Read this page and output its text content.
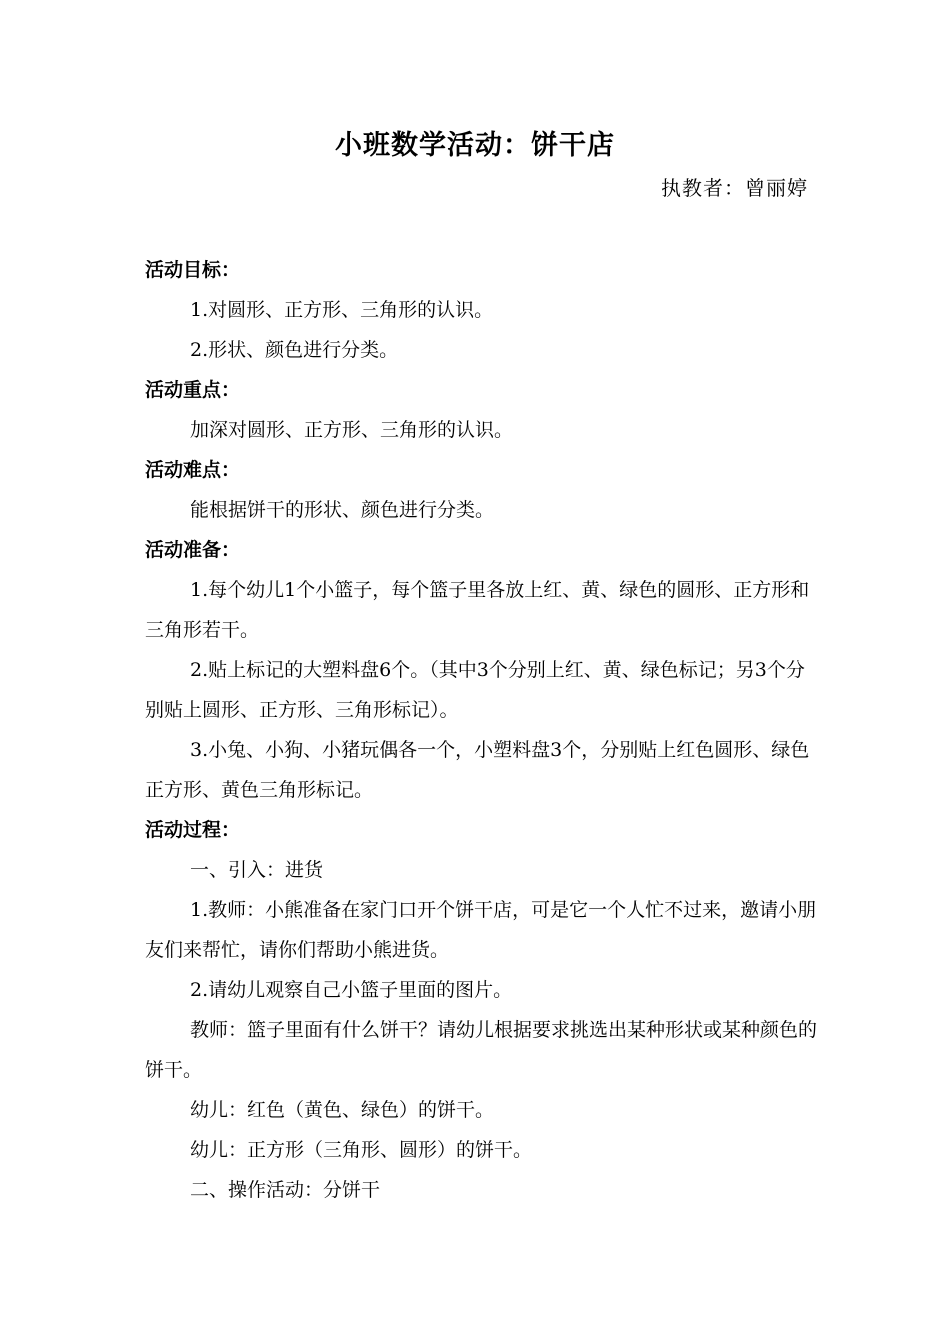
小班数学活动：饼干店
执教者：曾丽婷

活动目标：

1.对圆形、正方形、三角形的认识。

2.形状、颜色进行分类。

活动重点：

加深对圆形、正方形、三角形的认识。

活动难点：

能根据饼干的形状、颜色进行分类。

活动准备：

1.每个幼儿1个小篮子，每个篮子里各放上红、黄、绿色的圆形、正方形和三角形若干。

2.贴上标记的大塑料盘6个。（其中3个分别上红、黄、绿色标记；另3个分别贴上圆形、正方形、三角形标记）。

3.小兔、小狗、小猪玩偶各一个，小塑料盘3个，分别贴上红色圆形、绿色正方形、黄色三角形标记。

活动过程：

一、引入：进货

1.教师：小熊准备在家门口开个饼干店，可是它一个人忙不过来，邀请小朋友们来帮忙，请你们帮助小熊进货。

2.请幼儿观察自己小篮子里面的图片。

教师：篮子里面有什么饼干？请幼儿根据要求挑选出某种形状或某种颜色的饼干。

幼儿：红色（黄色、绿色）的饼干。

幼儿：正方形（三角形、圆形）的饼干。

二、操作活动：分饼干
